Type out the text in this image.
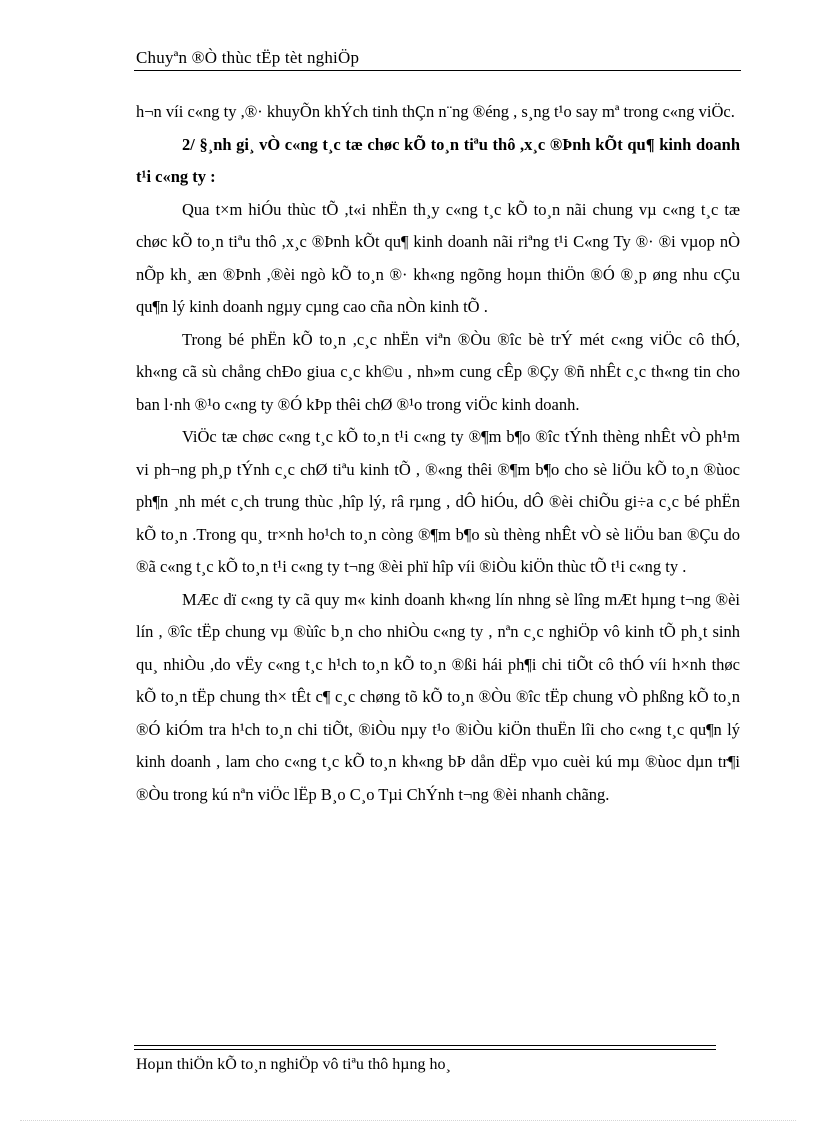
Chuyªn ®Ò thùc tËp tèt nghiÖp

h¬n víi c«ng ty ,®· khuyÕn khÝch tinh thÇn n¨ng ®éng , s¸ng t¹o say mª trong c«ng viÖc.

2/ §¸nh gi¸ vÒ c«ng t¸c tæ chøc kÕ to¸n tiªu thô ,x¸c ®Þnh kÕt qu¶ kinh doanh t¹i c«ng ty :

Qua t×m hiÓu thùc tÕ ,t«i nhËn th¸y c«ng t¸c kÕ to¸n nãi chung vµ c«ng t¸c tæ chøc kÕ to¸n tiªu thô ,x¸c ®Þnh kÕt qu¶ kinh doanh nãi riªng t¹i C«ng Ty ®· ®i vµop nÒ nÕp kh¸ æn ®Þnh ,®èi ngò kÕ to¸n ®· kh«ng ngõng hoµn thiÖn ®Ó ®¸p øng nhu cÇu qu¶n lý kinh doanh ngµy cµng cao cña nÒn kinh tÕ .

Trong bé phËn kÕ to¸n ,c¸c nhËn viªn ®Òu ®îc bè trÝ mét c«ng viÖc cô thÓ, kh«ng cã sù chång chÐo giua c¸c kh©u , nh»m cung cÊp ®Çy ®ñ nhÊt c¸c th«ng tin cho ban l·nh ®¹o c«ng ty ®Ó kÞp thêi chØ ®¹o trong viÖc kinh doanh.

ViÖc tæ chøc c«ng t¸c kÕ to¸n t¹i c«ng ty ®¶m b¶o ®îc tÝnh thèng nhÊt vÒ ph¹m vi ph¬ng ph¸p tÝnh c¸c chØ tiªu kinh tÕ , ®«ng thêi ®¶m b¶o cho sè liÖu kÕ to¸n ®ùoc ph¶n ¸nh mét c¸ch trung thùc ,hîp lý, râ rµng , dÔ hiÓu, dÔ ®èi chiÕu gi÷a c¸c bé phËn kÕ to¸n .Trong qu¸ tr×nh ho¹ch to¸n còng ®¶m b¶o sù thèng nhÊt vÒ sè liÖu ban ®Çu do ®ã c«ng t¸c kÕ to¸n t¹i c«ng ty t¬ng ®èi phï hîp víi ®iÒu kiÖn thùc tÕ t¹i c«ng ty .

MÆc dï c«ng ty cã quy m« kinh doanh kh«ng lín nhng sè lîng mÆt hµng t¬ng ®èi lín , ®îc tËp chung vµ ®ùîc b¸n cho nhiÒu c«ng ty , nªn c¸c nghiÖp vô kinh tÕ ph¸t sinh qu¸ nhiÒu ,do vËy c«ng t¸c h¹ch to¸n kÕ to¸n ®ßi hái ph¶i chi tiÕt cô thÓ víi h×nh thøc kÕ to¸n tËp chung th× tÊt c¶ c¸c chøng tõ kÕ to¸n ®Òu ®îc tËp chung vÒ phßng kÕ to¸n ®Ó kiÓm tra h¹ch to¸n chi tiÕt, ®iÒu nµy t¹o ®iÒu kiÖn thuËn lîi cho c«ng t¸c qu¶n lý kinh doanh , lam cho c«ng t¸c kÕ to¸n kh«ng bÞ dån dËp vµo cuèi kú mµ ®ùoc dµn tr¶i ®Òu trong kú nªn viÖc lËp B¸o C¸o Tµi ChÝnh t¬ng ®èi nhanh chãng.

Hoµn thiÖn kÕ to¸n nghiÖp vô tiªu thô hµng ho¸
